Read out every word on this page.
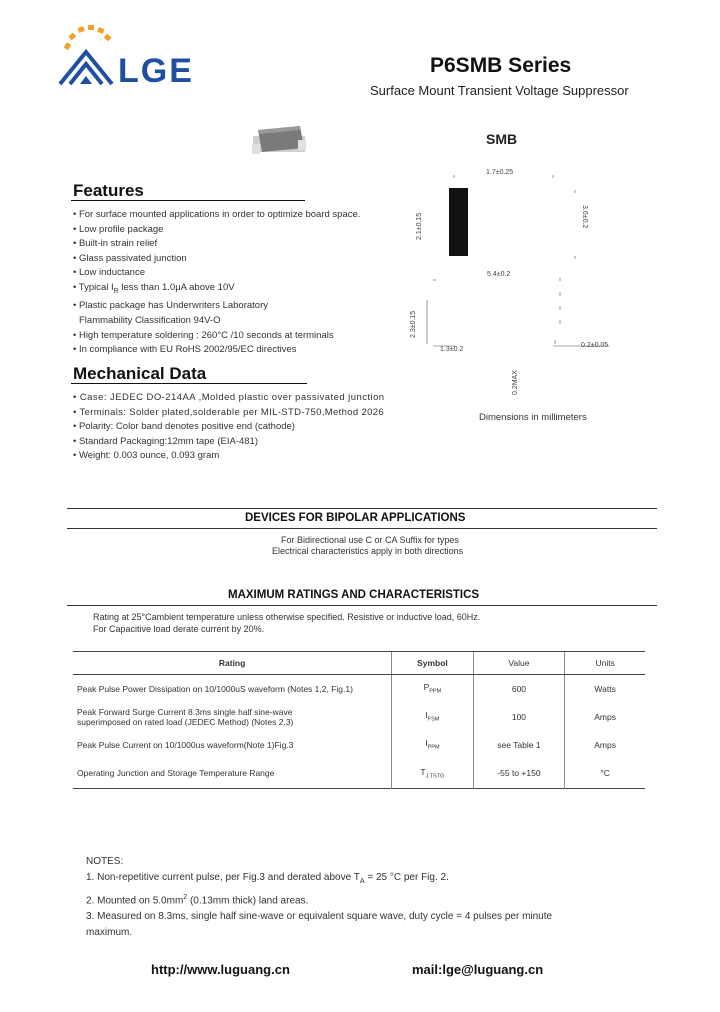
LGE	P6SMB Series
Surface Mount Transient Voltage Suppressor
SMB
Features
• For surface mounted applications in order to optimize board space.
• Low profile package
• Built-in strain relief
• Glass passivated junction
• Low inductance
• Typical $I_R$ less than 1.0μA above 10V
• Plastic package has Underwriters Laboratory
Flammability Classification 94V-O
• High temperature soldering : 260°C /10 seconds at terminals
• In compliance with EU RoHS 2002/95/EC directives
Mechanical Data
• Case: JEDEC DO-214AA ,Molded plastic over passivated junction
• Terminals: Solder plated,solderable per MIL-STD-750,Method 2026
• Polarity: Color band denotes positive end (cathode)
• Standard Packaging:12mm tape (EIA-481)
• Weight: 0.003 ounce, 0.093 gram
1.7±0.25
2.1±0.15	3.6±0.2
5.4±0.2
2.3±0.15
1.3±0.2
0.2±0.05
0.2MAX
Dimensions in millimeters
DEVICES FOR BIPOLAR APPLICATIONS
For Bidirectional use C or CA Suffix for types
Electrical characteristics apply in both directions
MAXIMUM RATINGS AND CHARACTERISTICS
Rating at 25°Cambient temperature unless otherwise specified. Resistive or inductive load, 60Hz.
For Capacitive load derate current by 20%.
Rating	Symbol	Value	Units
Peak Pulse Power Dissipation on 10/1000uS waveform (Notes 1,2, Fig.1)	$P_{PPM}$	600	Watts

Peak Forward Surge Current 8.3ms single half sine-wave
superimposed on rated load (JEDEC Method) (Notes 2,3)	$I_{FSM}$	100	Amps
Peak Pulse Current on 10/1000us waveform(Note 1)Fig.3	$I_{PPM}$	see Table 1	Amps
Operating Junction and Storage Temperature Range	$T_{J,TSTG}$	-55 to +150	°C
NOTES:
1. Non-repetitive current pulse, per Fig.3 and derated above $T_A = 25$ °C per Fig. 2.
2. Mounted on $5.0mm^2$ (0.13mm thick) land areas.
3. Measured on 8.3ms, single half sine-wave or equivalent square wave, duty cycle = 4 pulses per minute
maximum.
http://www.luguang.cn	mail:lge@luguang.cn
